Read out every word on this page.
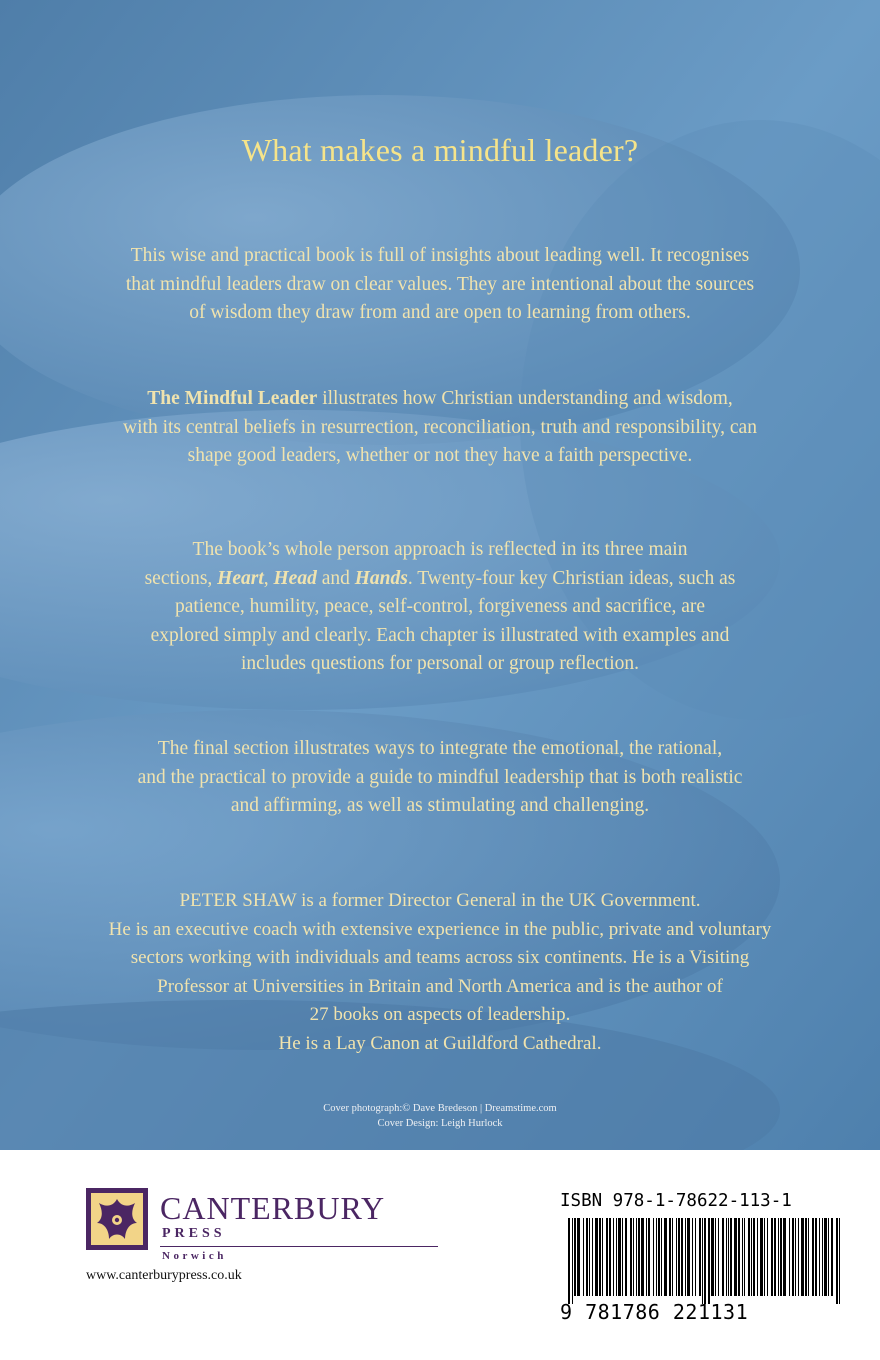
What makes a mindful leader?
This wise and practical book is full of insights about leading well. It recognises
that mindful leaders draw on clear values. They are intentional about the sources
of wisdom they draw from and are open to learning from others.
The Mindful Leader illustrates how Christian understanding and wisdom,
with its central beliefs in resurrection, reconciliation, truth and responsibility, can
shape good leaders, whether or not they have a faith perspective.
The book’s whole person approach is reflected in its three main
sections, Heart, Head and Hands. Twenty-four key Christian ideas, such as
patience, humility, peace, self-control, forgiveness and sacrifice, are
explored simply and clearly. Each chapter is illustrated with examples and
includes questions for personal or group reflection.
The final section illustrates ways to integrate the emotional, the rational,
and the practical to provide a guide to mindful leadership that is both realistic
and affirming, as well as stimulating and challenging.
PETER SHAW is a former Director General in the UK Government.
He is an executive coach with extensive experience in the public, private and voluntary
sectors working with individuals and teams across six continents. He is a Visiting
Professor at Universities in Britain and North America and is the author of
27 books on aspects of leadership.
He is a Lay Canon at Guildford Cathedral.
Cover photograph:© Dave Bredeson | Dreamstime.com
Cover Design: Leigh Hurlock
CANTERBURY
PRESS
Norwich
www.canterburypress.co.uk
ISBN 978-1-78622-113-1
9 781786 221131
